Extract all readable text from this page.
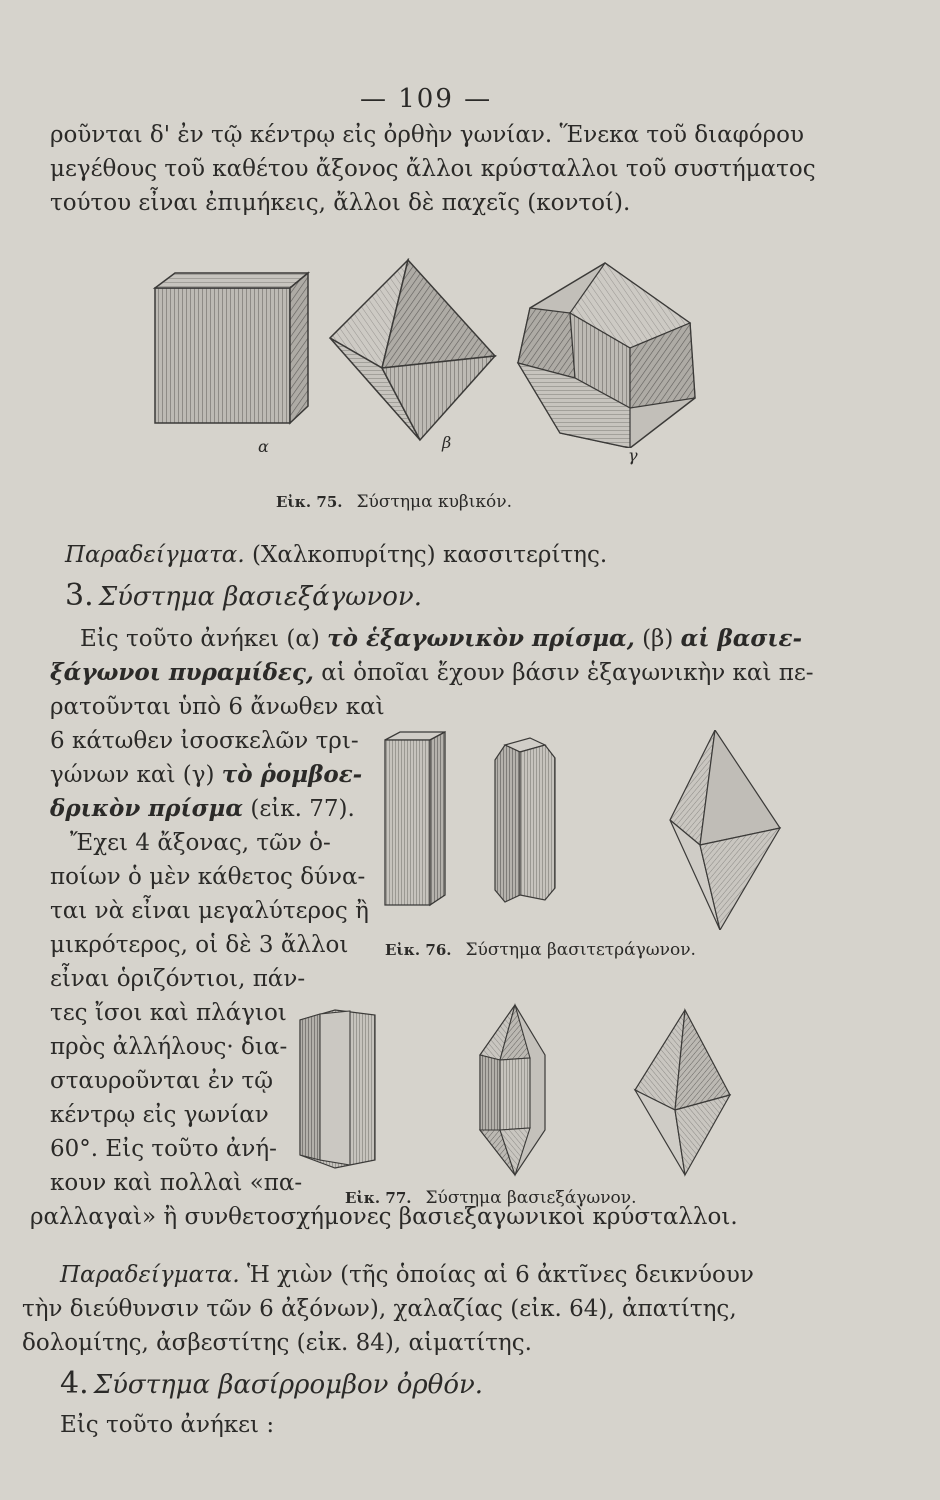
— 109 —
ροῦνται δ' ἐν τῷ κέντρῳ εἰς ὀρθὴν γωνίαν. Ἕνεκα τοῦ διαφόρου
μεγέθους τοῦ καθέτου ἄξονος ἄλλοι κρύσταλλοι τοῦ συστήματος
τούτου εἶναι ἐπιμήκεις, ἄλλοι δὲ παχεῖς (κοντοί).
α	β
γ
Εἰκ. 75. Σύστημα κυβικόν.
Παραδείγματα. (Χαλκοπυρίτης) κασσιτερίτης.
3. Σύστημα βασιεξάγωνον.
Εἰς τοῦτο ἀνήκει (α) τὸ ἑξαγωνικὸν πρίσμα, (β) αἱ βασιε-
ξάγωνοι πυραμίδες, αἱ ὁποῖαι ἔχουν βάσιν ἑξαγωνικὴν καὶ πε-
ρατοῦνται ὑπὸ 6 ἄνωθεν καὶ
6 κάτωθεν ἰσοσκελῶν τρι-
γώνων καὶ (γ) τὸ ῥομβοε-
δρικὸν πρίσμα (εἰκ. 77).
Ἔχει 4 ἄξονας, τῶν ὁ-
ποίων ὁ μὲν κάθετος δύνα-
ται νὰ εἶναι μεγαλύτερος ἢ
μικρότερος, οἱ δὲ 3 ἄλλοι
εἶναι ὁριζόντιοι, πάν-
τες ἴσοι καὶ πλάγιοι
πρὸς ἀλλήλους· δια-
σταυροῦνται ἐν τῷ
κέντρῳ εἰς γωνίαν
60°. Εἰς τοῦτο ἀνή-
κουν καὶ πολλαὶ «πα-
ραλλαγαὶ» ἢ συνθετοσχήμονες βασιεξαγωνικοὶ κρύσταλλοι.
Εἰκ. 76. Σύστημα βασιτετράγωνον.
Εἰκ. 77. Σύστημα βασιεξάγωνον.
Παραδείγματα. Ἡ χιὼν (τῆς ὁποίας αἱ 6 ἀκτῖνες δεικνύουν
τὴν διεύθυνσιν τῶν 6 ἀξόνων), χαλαζίας (εἰκ. 64), ἀπατίτης,
δολομίτης, ἀσβεστίτης (εἰκ. 84), αἱματίτης.
4. Σύστημα βασίρρομβον ὀρθόν.
Εἰς τοῦτο ἀνήκει :
